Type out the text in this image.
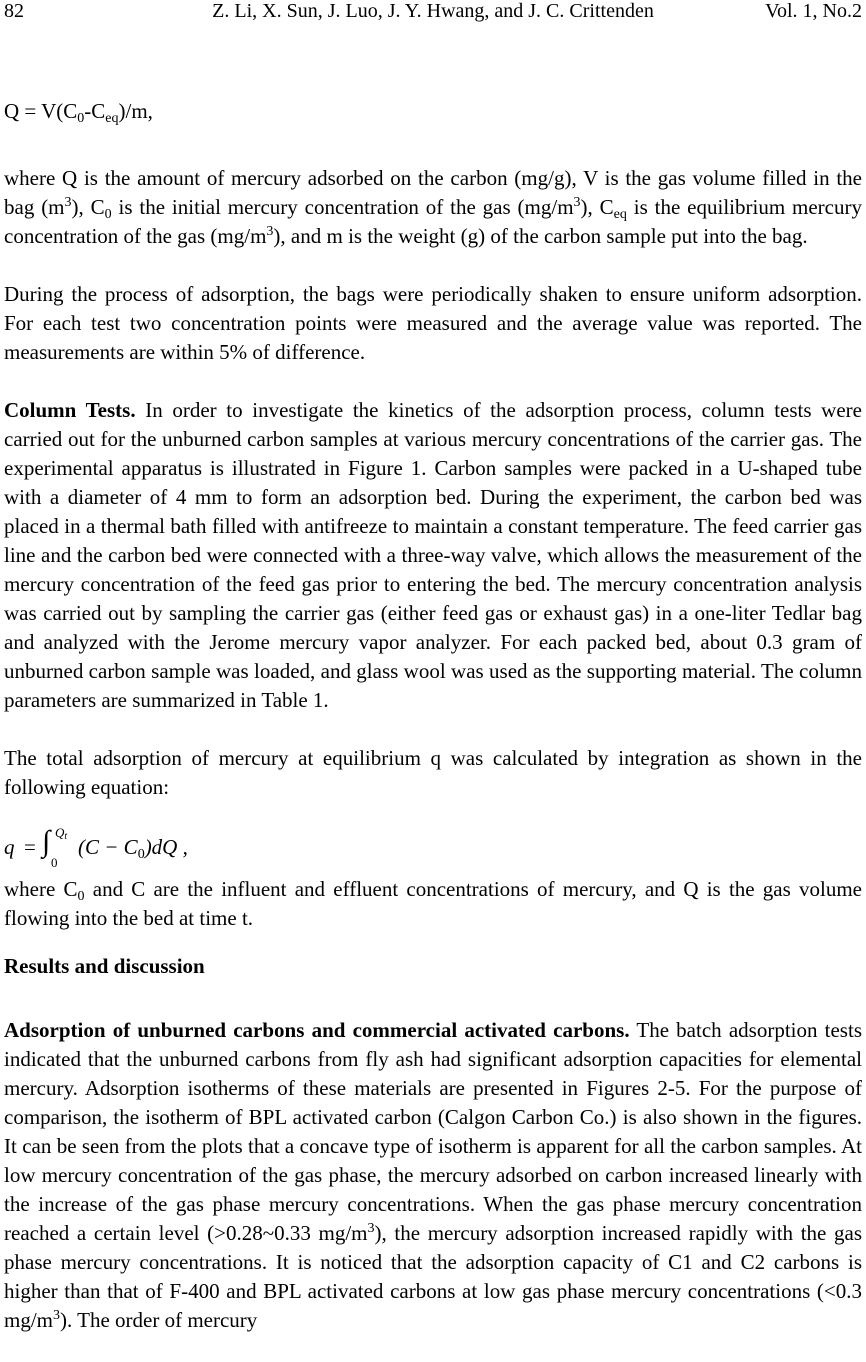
82	Z. Li, X. Sun, J. Luo, J. Y. Hwang, and J. C. Crittenden	Vol. 1, No.2

$Q = V(C_0-C_{eq})/m$,

where Q is the amount of mercury adsorbed on the carbon (mg/g), V is the gas volume filled in the bag $(m^3)$, $C_0$ is the initial mercury concentration of the gas $(mg/m^3)$, $C_{eq}$ is the equilibrium mercury concentration of the gas $(mg/m^3)$, and m is the weight (g) of the carbon sample put into the bag.

During the process of adsorption, the bags were periodically shaken to ensure uniform adsorption. For each test two concentration points were measured and the average value was reported. The measurements are within 5% of difference.

Column Tests. In order to investigate the kinetics of the adsorption process, column tests were carried out for the unburned carbon samples at various mercury concentrations of the carrier gas. The experimental apparatus is illustrated in Figure 1. Carbon samples were packed in a U-shaped tube with a diameter of 4 mm to form an adsorption bed. During the experiment, the carbon bed was placed in a thermal bath filled with antifreeze to maintain a constant temperature. The feed carrier gas line and the carbon bed were connected with a three-way valve, which allows the measurement of the mercury concentration of the feed gas prior to entering the bed. The mercury concentration analysis was carried out by sampling the carrier gas (either feed gas or exhaust gas) in a one-liter Tedlar bag and analyzed with the Jerome mercury vapor analyzer. For each packed bed, about 0.3 gram of unburned carbon sample was loaded, and glass wool was used as the supporting material. The column parameters are summarized in Table 1.

The total adsorption of mercury at equilibrium q was calculated by integration as shown in the following equation:

q = ∫ $Q_t$
0
$(C - C_0)dQ$ ,

where $C_0$ and C are the influent and effluent concentrations of mercury, and Q is the gas volume flowing into the bed at time t.

Results and discussion

Adsorption of unburned carbons and commercial activated carbons. The batch adsorption tests indicated that the unburned carbons from fly ash had significant adsorption capacities for elemental mercury. Adsorption isotherms of these materials are presented in Figures 2-5. For the purpose of comparison, the isotherm of BPL activated carbon (Calgon Carbon Co.) is also shown in the figures. It can be seen from the plots that a concave type of isotherm is apparent for all the carbon samples. At low mercury concentration of the gas phase, the mercury adsorbed on carbon increased linearly with the increase of the gas phase mercury concentrations. When the gas phase mercury concentration reached a certain level (>0.28~0.33 $mg/m^3$), the mercury adsorption increased rapidly with the gas phase mercury concentrations. It is noticed that the adsorption capacity of C1 and C2 carbons is higher than that of F-400 and BPL activated carbons at low gas phase mercury concentrations (<0.3 $mg/m^3$). The order of mercury
